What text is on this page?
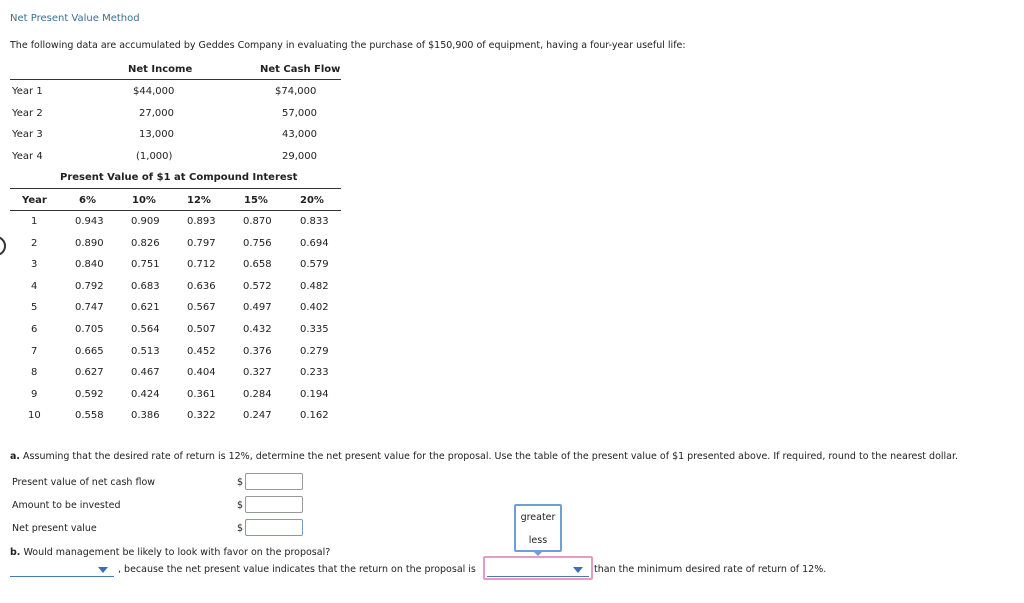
Net Present Value Method
The following data are accumulated by Geddes Company in evaluating the purchase of $150,900 of equipment, having a four-year useful life:
Net Income	Net Cash Flow
Year 1	$44,000	$74,000
Year 2	27,000	57,000
Year 3	13,000	43,000
Year 4	(1,000)	29,000
Present Value of $1 at Compound Interest
Year	6%	10%	12%	15%	20%
1	0.943	0.909	0.893	0.870	0.833
2	0.890	0.826	0.797	0.756	0.694
3	0.840	0.751	0.712	0.658	0.579
4	0.792	0.683	0.636	0.572	0.482
5	0.747	0.621	0.567	0.497	0.402
6	0.705	0.564	0.507	0.432	0.335
7	0.665	0.513	0.452	0.376	0.279
8	0.627	0.467	0.404	0.327	0.233
9	0.592	0.424	0.361	0.284	0.194
10	0.558	0.386	0.322	0.247	0.162
a. Assuming that the desired rate of return is 12%, determine the net present value for the proposal. Use the table of the present value of $1 presented above. If required, round to the nearest dollar.
Present value of net cash flow	$
Amount to be invested	$
Net present value	$
b. Would management be likely to look with favor on the proposal?
, because the net present value indicates that the return on the proposal is	than the minimum desired rate of return of 12%.
greater
less
